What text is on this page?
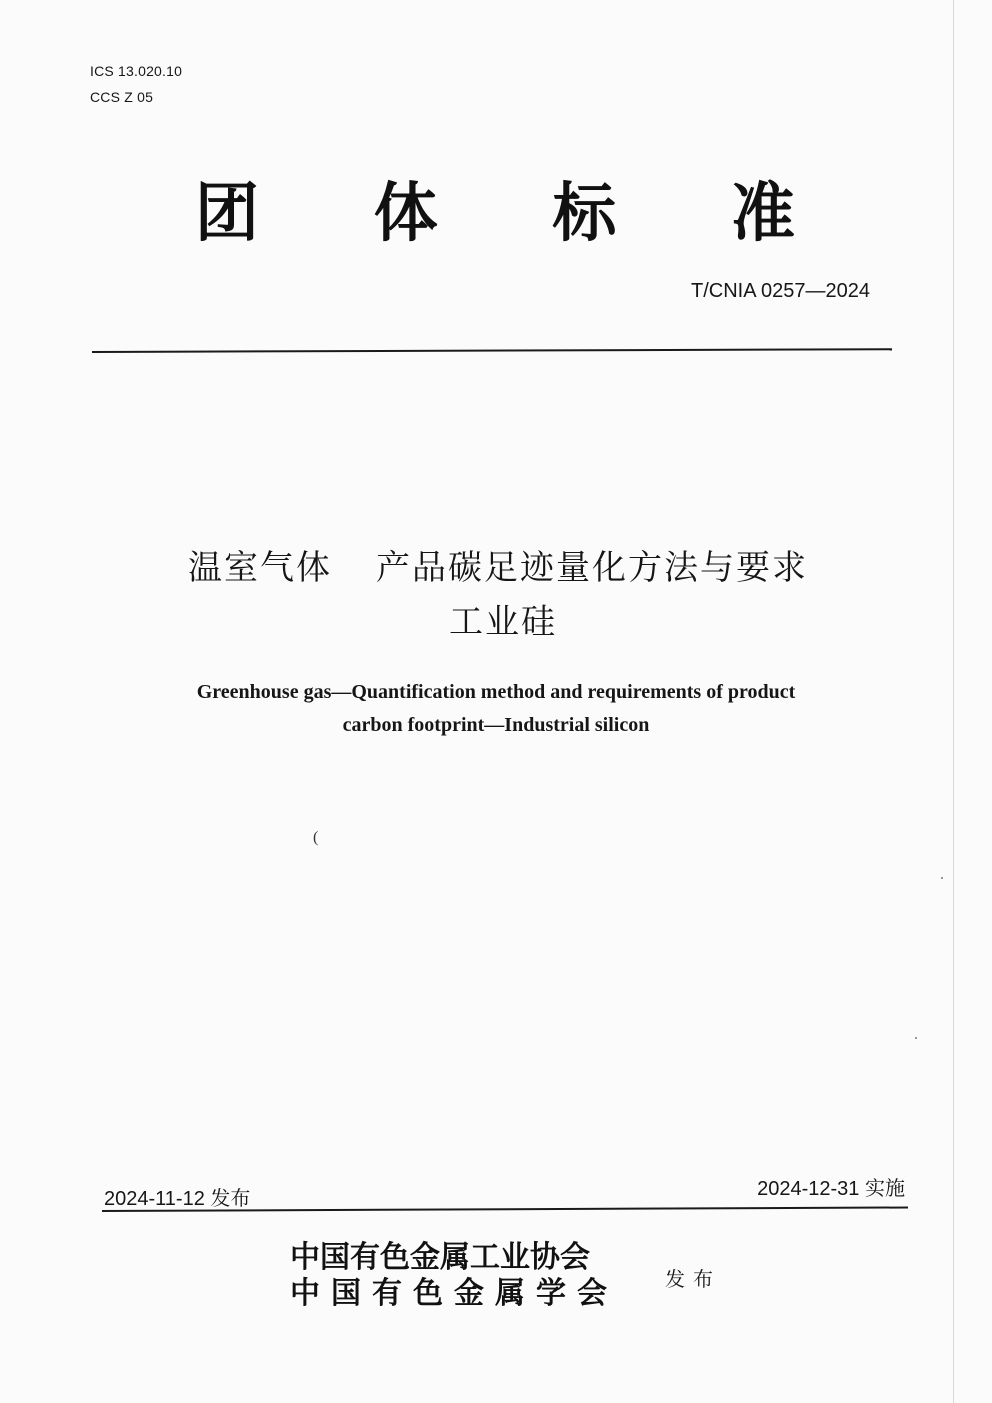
ICS 13.020.10
CCS Z 05
团 体 标 准
T/CNIA 0257—2024
温室气体 产品碳足迹量化方法与要求
工业硅
Greenhouse gas—Quantification method and requirements of product
carbon footprint—Industrial silicon
(
2024-11-12 发布	2024-12-31 实施
中国有色金属工业协会
中国有色金属学会 发布
